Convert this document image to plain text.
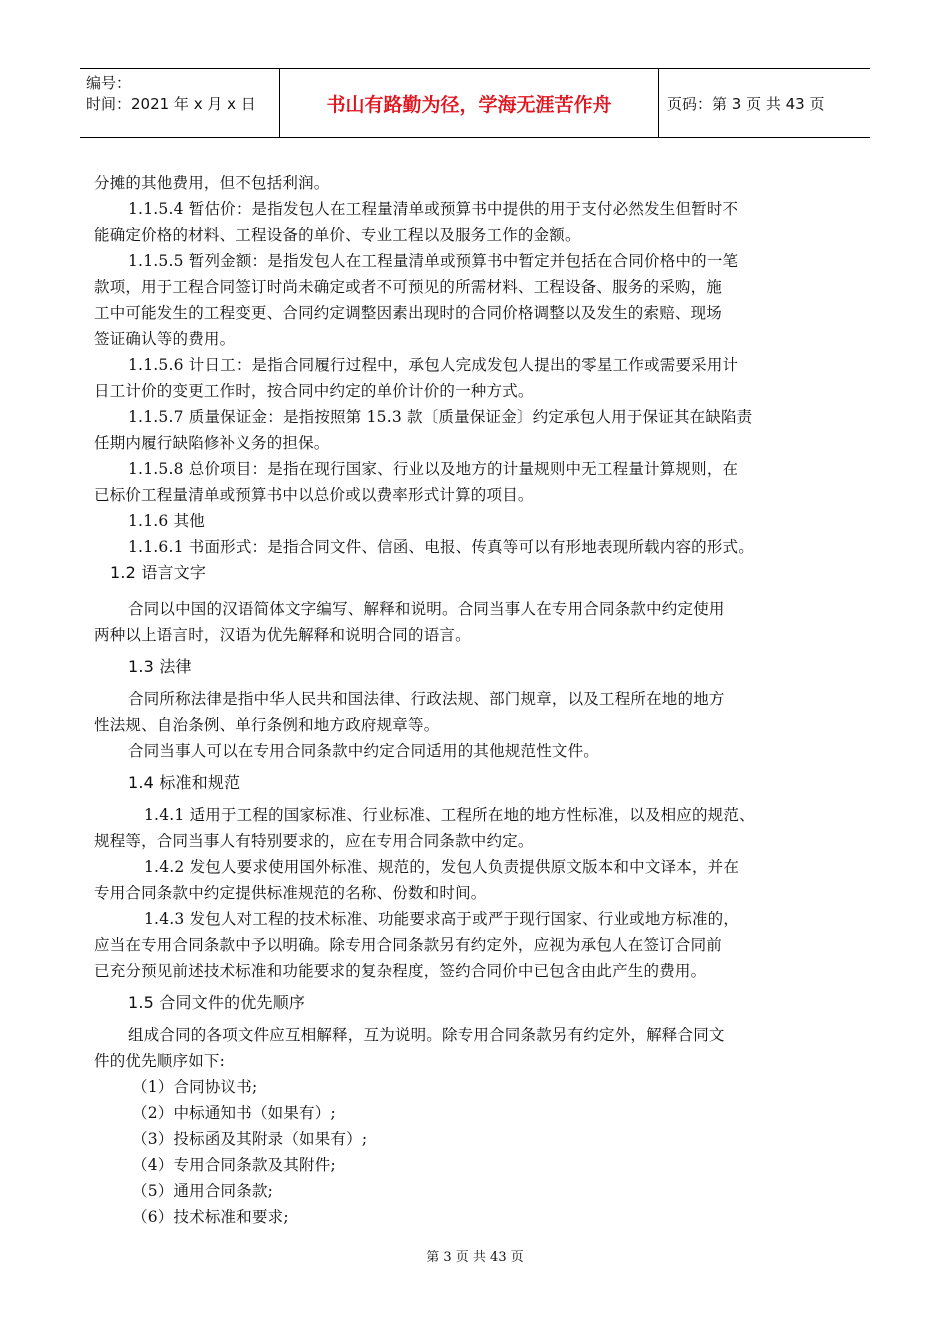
编号：
时间：2021 年 x 月 x 日	书山有路勤为径，学海无涯苦作舟	页码：第 3 页 共 43 页
分摊的其他费用，但不包括利润。
1.1.5.4 暂估价：是指发包人在工程量清单或预算书中提供的用于支付必然发生但暂时不
能确定价格的材料、工程设备的单价、专业工程以及服务工作的金额。
1.1.5.5 暂列金额：是指发包人在工程量清单或预算书中暂定并包括在合同价格中的一笔
款项，用于工程合同签订时尚未确定或者不可预见的所需材料、工程设备、服务的采购，施
工中可能发生的工程变更、合同约定调整因素出现时的合同价格调整以及发生的索赔、现场
签证确认等的费用。
1.1.5.6 计日工：是指合同履行过程中，承包人完成发包人提出的零星工作或需要采用计
日工计价的变更工作时，按合同中约定的单价计价的一种方式。
1.1.5.7 质量保证金：是指按照第 15.3 款〔质量保证金〕约定承包人用于保证其在缺陷责
任期内履行缺陷修补义务的担保。
1.1.5.8 总价项目：是指在现行国家、行业以及地方的计量规则中无工程量计算规则，在
已标价工程量清单或预算书中以总价或以费率形式计算的项目。
1.1.6 其他
1.1.6.1 书面形式：是指合同文件、信函、电报、传真等可以有形地表现所载内容的形式。
1.2 语言文字
合同以中国的汉语简体文字编写、解释和说明。合同当事人在专用合同条款中约定使用
两种以上语言时，汉语为优先解释和说明合同的语言。
1.3 法律
合同所称法律是指中华人民共和国法律、行政法规、部门规章，以及工程所在地的地方
性法规、自治条例、单行条例和地方政府规章等。
合同当事人可以在专用合同条款中约定合同适用的其他规范性文件。
1.4 标准和规范
1.4.1 适用于工程的国家标准、行业标准、工程所在地的地方性标准，以及相应的规范、
规程等，合同当事人有特别要求的，应在专用合同条款中约定。
1.4.2 发包人要求使用国外标准、规范的，发包人负责提供原文版本和中文译本，并在
专用合同条款中约定提供标准规范的名称、份数和时间。
1.4.3 发包人对工程的技术标准、功能要求高于或严于现行国家、行业或地方标准的，
应当在专用合同条款中予以明确。除专用合同条款另有约定外，应视为承包人在签订合同前
已充分预见前述技术标准和功能要求的复杂程度，签约合同价中已包含由此产生的费用。
1.5 合同文件的优先顺序
组成合同的各项文件应互相解释，互为说明。除专用合同条款另有约定外，解释合同文
件的优先顺序如下:
（1）合同协议书;
（2）中标通知书（如果有）;
（3）投标函及其附录（如果有）;
（4）专用合同条款及其附件;
（5）通用合同条款;
（6）技术标准和要求;
第 3 页 共 43 页
